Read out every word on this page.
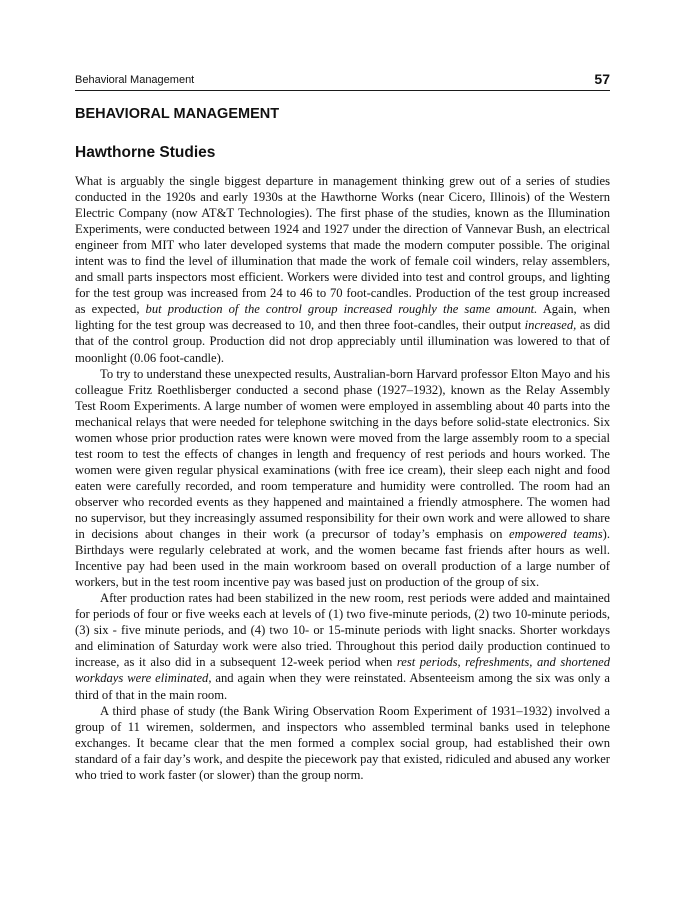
Behavioral Management	57
BEHAVIORAL MANAGEMENT
Hawthorne Studies

What is arguably the single biggest departure in management thinking grew out of a series of studies conducted in the 1920s and early 1930s at the Hawthorne Works (near Cicero, Illinois) of the Western Electric Company (now AT&T Technologies). The first phase of the studies, known as the Illumination Experiments, were conducted between 1924 and 1927 under the direction of Vannevar Bush, an electrical engineer from MIT who later developed systems that made the modern computer possible. The original intent was to find the level of illumination that made the work of female coil winders, relay assemblers, and small parts inspectors most efficient. Workers were divided into test and control groups, and lighting for the test group was increased from 24 to 46 to 70 foot-candles. Production of the test group increased as expected, but production of the control group increased roughly the same amount. Again, when lighting for the test group was decreased to 10, and then three foot-candles, their output increased, as did that of the control group. Production did not drop appreciably until illumination was lowered to that of moonlight (0.06 foot-candle).

To try to understand these unexpected results, Australian-born Harvard professor Elton Mayo and his colleague Fritz Roethlisberger conducted a second phase (1927–1932), known as the Relay Assembly Test Room Experiments. A large number of women were employed in assembling about 40 parts into the mechanical relays that were needed for telephone switching in the days before solid-state electronics. Six women whose prior production rates were known were moved from the large assembly room to a special test room to test the effects of changes in length and frequency of rest periods and hours worked. The women were given regular physical examinations (with free ice cream), their sleep each night and food eaten were carefully recorded, and room temperature and humidity were controlled. The room had an observer who recorded events as they happened and maintained a friendly atmosphere. The women had no supervisor, but they increasingly assumed responsibility for their own work and were allowed to share in decisions about changes in their work (a precursor of today’s emphasis on empowered teams). Birthdays were regularly celebrated at work, and the women became fast friends after hours as well. Incentive pay had been used in the main workroom based on overall production of a large number of workers, but in the test room incentive pay was based just on production of the group of six.

After production rates had been stabilized in the new room, rest periods were added and maintained for periods of four or five weeks each at levels of (1) two five-minute periods, (2) two 10-minute periods, (3) six - five minute periods, and (4) two 10- or 15-minute periods with light snacks. Shorter workdays and elimination of Saturday work were also tried. Throughout this period daily production continued to increase, as it also did in a subsequent 12-week period when rest periods, refreshments, and shortened workdays were eliminated, and again when they were reinstated. Absenteeism among the six was only a third of that in the main room.

A third phase of study (the Bank Wiring Observation Room Experiment of 1931–1932) involved a group of 11 wiremen, soldermen, and inspectors who assembled terminal banks used in telephone exchanges. It became clear that the men formed a complex social group, had established their own standard of a fair day’s work, and despite the piecework pay that existed, ridiculed and abused any worker who tried to work faster (or slower) than the group norm.
